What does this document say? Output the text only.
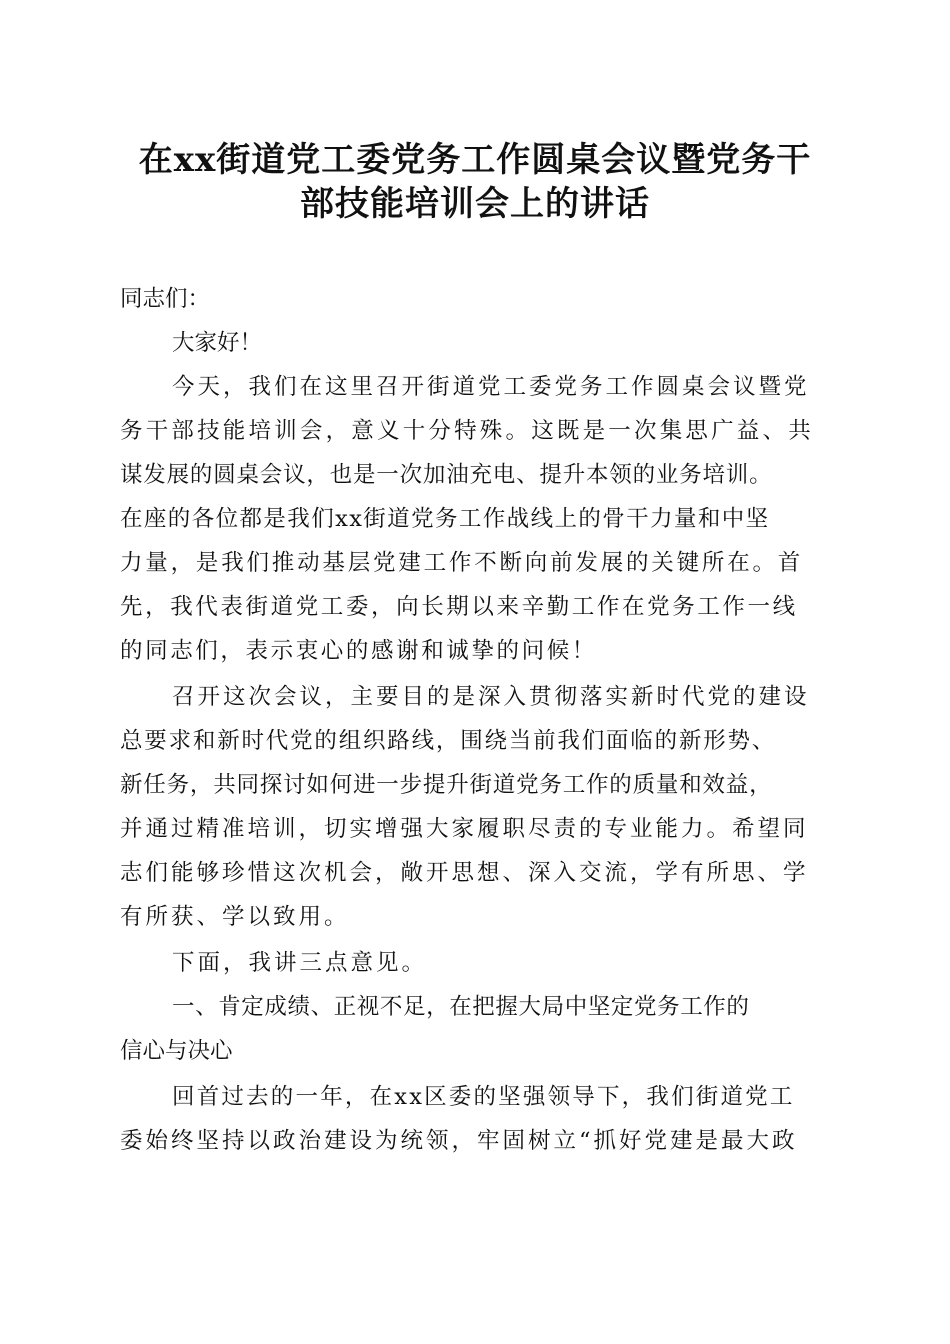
在xx街道党工委党务工作圆桌会议暨党务干
部技能培训会上的讲话

同志们：

大家好！

今天，我们在这里召开街道党工委党务工作圆桌会议暨党

务干部技能培训会，意义十分特殊。这既是一次集思广益、共

谋发展的圆桌会议，也是一次加油充电、提升本领的业务培训。

在座的各位都是我们xx街道党务工作战线上的骨干力量和中坚

力量，是我们推动基层党建工作不断向前发展的关键所在。首

先，我代表街道党工委，向长期以来辛勤工作在党务工作一线

的同志们，表示衷心的感谢和诚挚的问候！

召开这次会议，主要目的是深入贯彻落实新时代党的建设

总要求和新时代党的组织路线，围绕当前我们面临的新形势、

新任务，共同探讨如何进一步提升街道党务工作的质量和效益，

并通过精准培训，切实增强大家履职尽责的专业能力。希望同

志们能够珍惜这次机会，敞开思想、深入交流，学有所思、学

有所获、学以致用。

下面，我讲三点意见。

一、肯定成绩、正视不足，在把握大局中坚定党务工作的

信心与决心

回首过去的一年，在xx区委的坚强领导下，我们街道党工

委始终坚持以政治建设为统领，牢固树立“抓好党建是最大政
